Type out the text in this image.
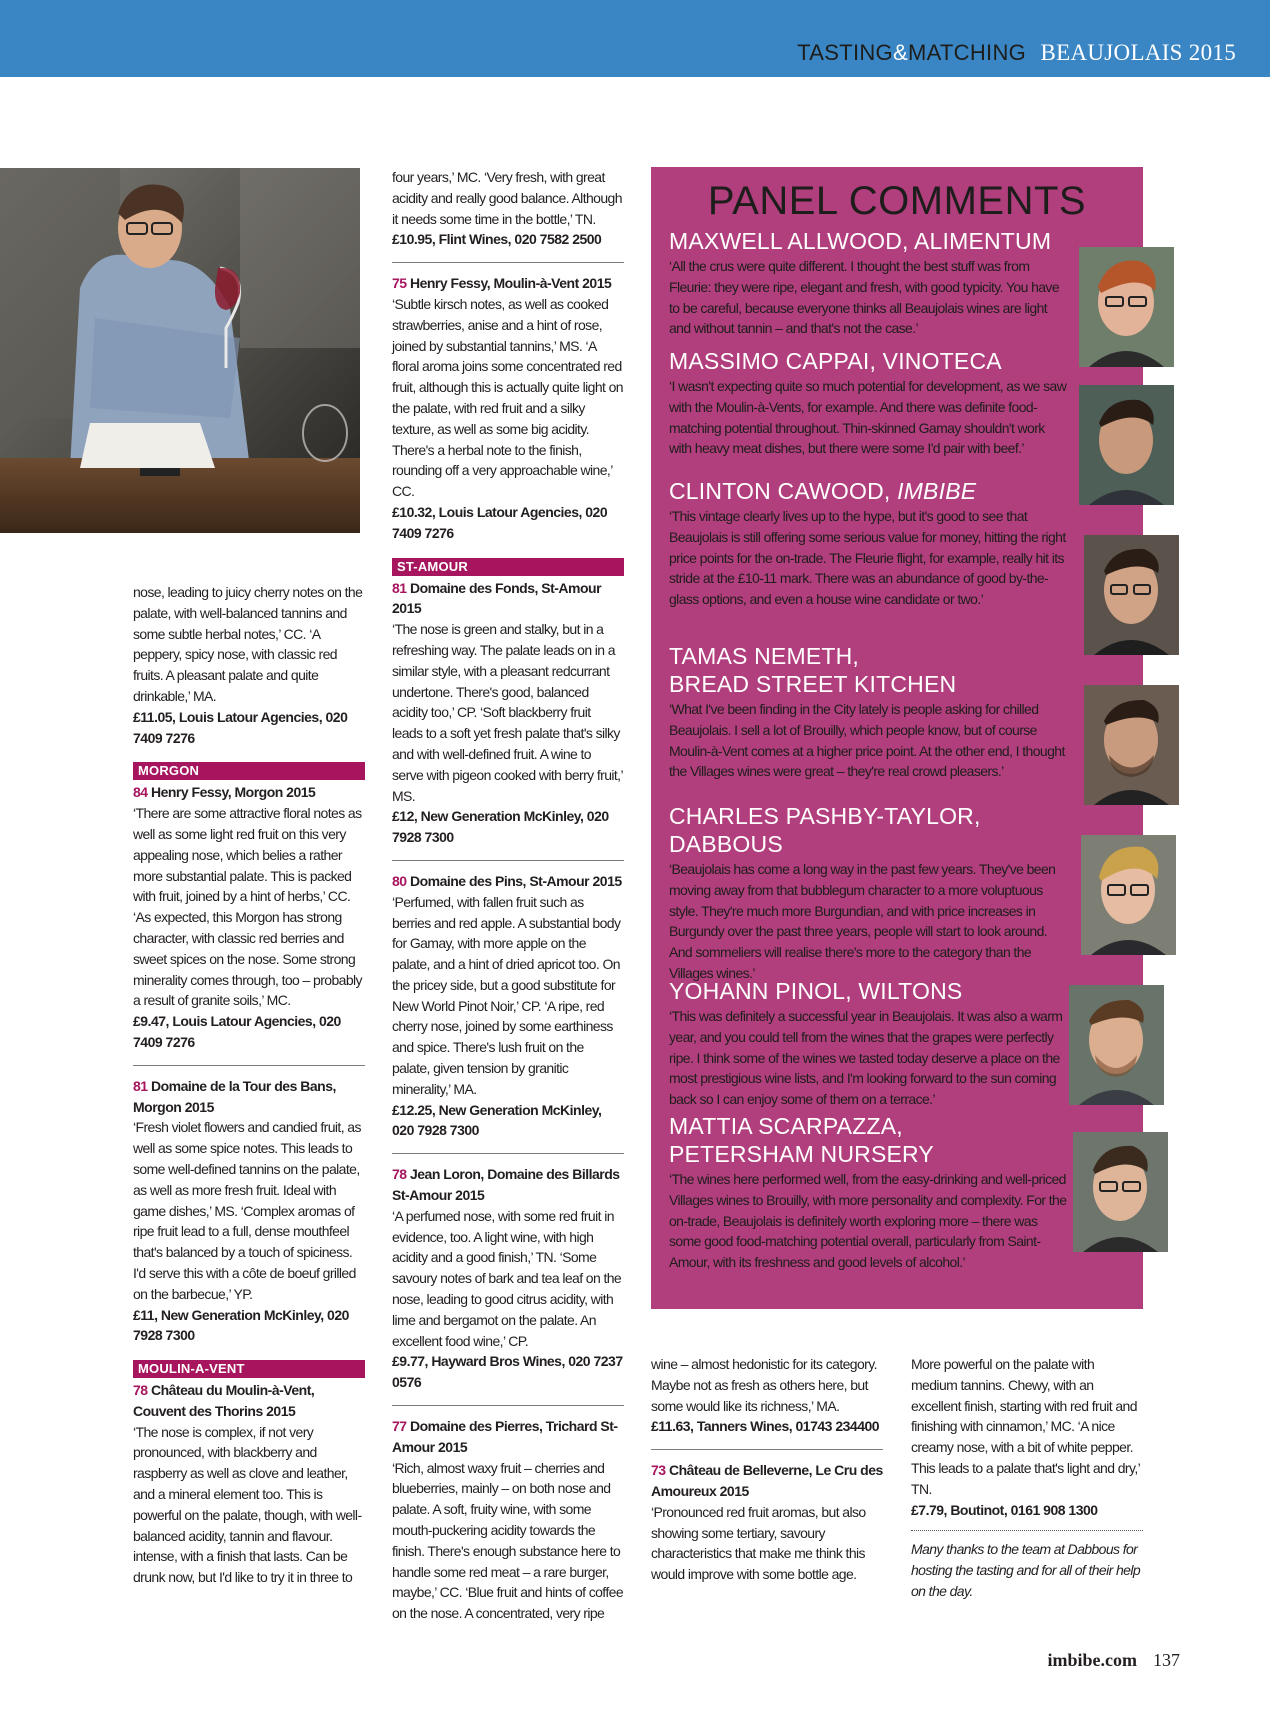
TASTING&MATCHING BEAUJOLAIS 2015

nose, leading to juicy cherry notes on the palate, with well-balanced tannins and some subtle herbal notes,’ CC. ‘A peppery, spicy nose, with classic red fruits. A pleasant palate and quite drinkable,’ MA.

£11.05, Louis Latour Agencies, 020 7409 7276

MORGON

84 Henry Fessy, Morgon 2015

‘There are some attractive floral notes as well as some light red fruit on this very appealing nose, which belies a rather more substantial palate. This is packed with fruit, joined by a hint of herbs,’ CC. ‘As expected, this Morgon has strong character, with classic red berries and sweet spices on the nose. Some strong minerality comes through, too – probably a result of granite soils,’ MC.

£9.47, Louis Latour Agencies, 020 7409 7276

81 Domaine de la Tour des Bans, Morgon 2015

‘Fresh violet flowers and candied fruit, as well as some spice notes. This leads to some well-defined tannins on the palate, as well as more fresh fruit. Ideal with game dishes,’ MS. ‘Complex aromas of ripe fruit lead to a full, dense mouthfeel that's balanced by a touch of spiciness. I'd serve this with a côte de boeuf grilled on the barbecue,’ YP.

£11, New Generation McKinley, 020 7928 7300

MOULIN-A-VENT

78 Château du Moulin-à-Vent, Couvent des Thorins 2015

‘The nose is complex, if not very pronounced, with blackberry and raspberry as well as clove and leather, and a mineral element too. This is powerful on the palate, though, with well-balanced acidity, tannin and flavour. intense, with a finish that lasts. Can be drunk now, but I'd like to try it in three to

four years,’ MC. ‘Very fresh, with great acidity and really good balance. Although it needs some time in the bottle,’ TN.

£10.95, Flint Wines, 020 7582 2500

75 Henry Fessy, Moulin-à-Vent 2015

‘Subtle kirsch notes, as well as cooked strawberries, anise and a hint of rose, joined by substantial tannins,’ MS. ‘A floral aroma joins some concentrated red fruit, although this is actually quite light on the palate, with red fruit and a silky texture, as well as some big acidity. There's a herbal note to the finish, rounding off a very approachable wine,’ CC.

£10.32, Louis Latour Agencies, 020 7409 7276

ST-AMOUR

81 Domaine des Fonds, St-Amour 2015

‘The nose is green and stalky, but in a refreshing way. The palate leads on in a similar style, with a pleasant redcurrant undertone. There's good, balanced acidity too,’ CP. ‘Soft blackberry fruit leads to a soft yet fresh palate that's silky and with well-defined fruit. A wine to serve with pigeon cooked with berry fruit,’ MS.

£12, New Generation McKinley, 020 7928 7300

80 Domaine des Pins, St-Amour 2015

‘Perfumed, with fallen fruit such as berries and red apple. A substantial body for Gamay, with more apple on the palate, and a hint of dried apricot too. On the pricey side, but a good substitute for New World Pinot Noir,’ CP. ‘A ripe, red cherry nose, joined by some earthiness and spice. There's lush fruit on the palate, given tension by granitic minerality,’ MA.

£12.25, New Generation McKinley, 020 7928 7300

78 Jean Loron, Domaine des Billards St-Amour 2015

‘A perfumed nose, with some red fruit in evidence, too. A light wine, with high acidity and a good finish,’ TN. ‘Some savoury notes of bark and tea leaf on the nose, leading to good citrus acidity, with lime and bergamot on the palate. An excellent food wine,’ CP.

£9.77, Hayward Bros Wines, 020 7237 0576

77 Domaine des Pierres, Trichard St-Amour 2015

‘Rich, almost waxy fruit – cherries and blueberries, mainly – on both nose and palate. A soft, fruity wine, with some mouth-puckering acidity towards the finish. There's enough substance here to handle some red meat – a rare burger, maybe,’ CC. ‘Blue fruit and hints of coffee on the nose. A concentrated, very ripe

PANEL COMMENTS
MAXWELL ALLWOOD, ALIMENTUM
‘All the crus were quite different. I thought the best stuff was from Fleurie: they were ripe, elegant and fresh, with good typicity. You have to be careful, because everyone thinks all Beaujolais wines are light and without tannin – and that's not the case.’
MASSIMO CAPPAI, VINOTECA
‘I wasn't expecting quite so much potential for development, as we saw with the Moulin-à-Vents, for example. And there was definite food-matching potential throughout. Thin-skinned Gamay shouldn't work with heavy meat dishes, but there were some I'd pair with beef.’
CLINTON CAWOOD, IMBIBE
‘This vintage clearly lives up to the hype, but it's good to see that Beaujolais is still offering some serious value for money, hitting the right price points for the on-trade. The Fleurie flight, for example, really hit its stride at the £10-11 mark. There was an abundance of good by-the-glass options, and even a house wine candidate or two.’
TAMAS NEMETH,
BREAD STREET KITCHEN
‘What I've been finding in the City lately is people asking for chilled Beaujolais. I sell a lot of Brouilly, which people know, but of course Moulin-à-Vent comes at a higher price point. At the other end, I thought the Villages wines were great – they're real crowd pleasers.’
CHARLES PASHBY-TAYLOR, DABBOUS
‘Beaujolais has come a long way in the past few years. They've been moving away from that bubblegum character to a more voluptuous style. They're much more Burgundian, and with price increases in Burgundy over the past three years, people will start to look around. And sommeliers will realise there's more to the category than the Villages wines.’
YOHANN PINOL, WILTONS
‘This was definitely a successful year in Beaujolais. It was also a warm year, and you could tell from the wines that the grapes were perfectly ripe. I think some of the wines we tasted today deserve a place on the most prestigious wine lists, and I'm looking forward to the sun coming back so I can enjoy some of them on a terrace.’
MATTIA SCARPAZZA,
PETERSHAM NURSERY
‘The wines here performed well, from the easy-drinking and well-priced Villages wines to Brouilly, with more personality and complexity. For the on-trade, Beaujolais is definitely worth exploring more – there was some good food-matching potential overall, particularly from Saint-Amour, with its freshness and good levels of alcohol.’

wine – almost hedonistic for its category. Maybe not as fresh as others here, but some would like its richness,’ MA.

£11.63, Tanners Wines, 01743 234400

73 Château de Belleverne, Le Cru des Amoureux 2015

‘Pronounced red fruit aromas, but also showing some tertiary, savoury characteristics that make me think this would improve with some bottle age.

More powerful on the palate with medium tannins. Chewy, with an excellent finish, starting with red fruit and finishing with cinnamon,’ MC. ‘A nice creamy nose, with a bit of white pepper. This leads to a palate that's light and dry,’ TN.

£7.79, Boutinot, 0161 908 1300

Many thanks to the team at Dabbous for hosting the tasting and for all of their help on the day.

imbibe.com 137
